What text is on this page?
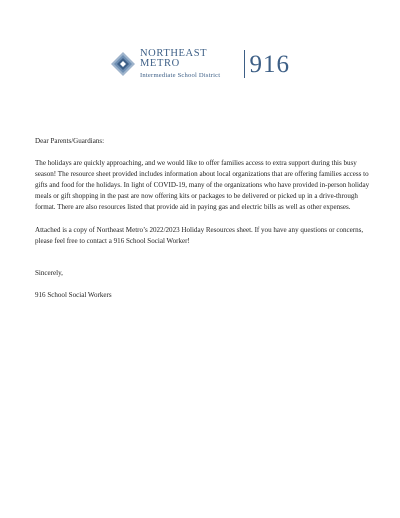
NORTHEAST METRO
Intermediate School District	916

Dear Parents/Guardians:

The holidays are quickly approaching, and we would like to offer families access to extra support during this busy season! The resource sheet provided includes information about local organizations that are offering families access to gifts and food for the holidays. In light of COVID-19, many of the organizations who have provided in-person holiday meals or gift shopping in the past are now offering kits or packages to be delivered or picked up in a drive-through format. There are also resources listed that provide aid in paying gas and electric bills as well as other expenses.

Attached is a copy of Northeast Metro’s 2022/2023 Holiday Resources sheet. If you have any questions or concerns, please feel free to contact a 916 School Social Worker!

Sincerely,

916 School Social Workers
